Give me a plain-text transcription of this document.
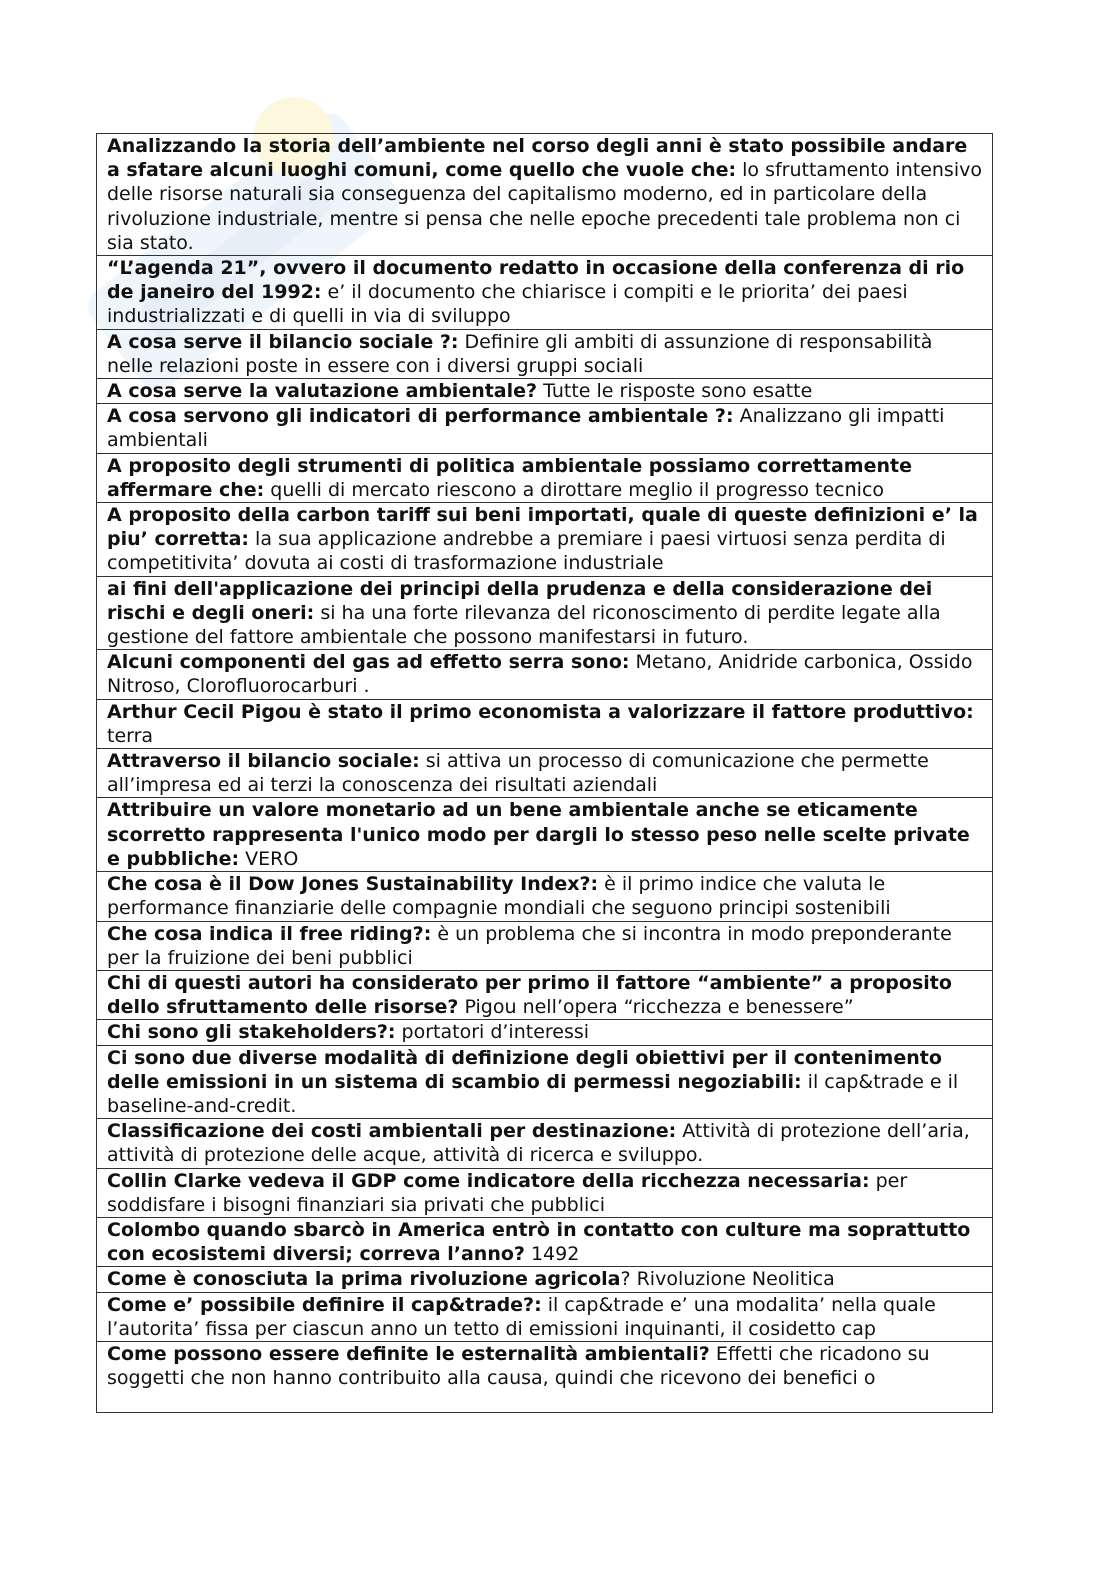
Analizzando la storia dell’ambiente nel corso degli anni è stato possibile andare a sfatare alcuni luoghi comuni, come quello che vuole che: lo sfruttamento intensivo delle risorse naturali sia conseguenza del capitalismo moderno, ed in particolare della rivoluzione industriale, mentre si pensa che nelle epoche precedenti tale problema non ci sia stato.

“L’agenda 21”, ovvero il documento redatto in occasione della conferenza di rio de janeiro del 1992: e’ il documento che chiarisce i compiti e le priorita’ dei paesi industrializzati e di quelli in via di sviluppo

A cosa serve il bilancio sociale ?: Definire gli ambiti di assunzione di responsabilità nelle relazioni poste in essere con i diversi gruppi sociali

A cosa serve la valutazione ambientale? Tutte le risposte sono esatte

A cosa servono gli indicatori di performance ambientale ?: Analizzano gli impatti ambientali

A proposito degli strumenti di politica ambientale possiamo correttamente affermare che: quelli di mercato riescono a dirottare meglio il progresso tecnico

A proposito della carbon tariff sui beni importati, quale di queste definizioni e’ la piu’ corretta: la sua applicazione andrebbe a premiare i paesi virtuosi senza perdita di competitivita’ dovuta ai costi di trasformazione industriale

ai fini dell'applicazione dei principi della prudenza e della considerazione dei rischi e degli oneri: si ha una forte rilevanza del riconoscimento di perdite legate alla gestione del fattore ambientale che possono manifestarsi in futuro.

Alcuni componenti del gas ad effetto serra sono: Metano, Anidride carbonica, Ossido Nitroso, Clorofluorocarburi .

Arthur Cecil Pigou è stato il primo economista a valorizzare il fattore produttivo: terra

Attraverso il bilancio sociale: si attiva un processo di comunicazione che permette all’impresa ed ai terzi la conoscenza dei risultati aziendali

Attribuire un valore monetario ad un bene ambientale anche se eticamente scorretto rappresenta l'unico modo per dargli lo stesso peso nelle scelte private e pubbliche: VERO

Che cosa è il Dow Jones Sustainability Index?: è il primo indice che valuta le performance finanziarie delle compagnie mondiali che seguono principi sostenibili

Che cosa indica il free riding?: è un problema che si incontra in modo preponderante per la fruizione dei beni pubblici

Chi di questi autori ha considerato per primo il fattore “ambiente” a proposito dello sfruttamento delle risorse? Pigou nell’opera “ricchezza e benessere”

Chi sono gli stakeholders?: portatori d’interessi

Ci sono due diverse modalità di definizione degli obiettivi per il contenimento delle emissioni in un sistema di scambio di permessi negoziabili: il cap&trade e il baseline-and-credit.

Classificazione dei costi ambientali per destinazione: Attività di protezione dell’aria, attività di protezione delle acque, attività di ricerca e sviluppo.

Collin Clarke vedeva il GDP come indicatore della ricchezza necessaria: per soddisfare i bisogni finanziari sia privati che pubblici

Colombo quando sbarcò in America entrò in contatto con culture ma soprattutto con ecosistemi diversi; correva l’anno? 1492

Come è conosciuta la prima rivoluzione agricola? Rivoluzione Neolitica

Come e’ possibile definire il cap&trade?: il cap&trade e’ una modalita’ nella quale l’autorita’ fissa per ciascun anno un tetto di emissioni inquinanti, il cosidetto cap

Come possono essere definite le esternalità ambientali? Effetti che ricadono su soggetti che non hanno contribuito alla causa, quindi che ricevono dei benefici o
